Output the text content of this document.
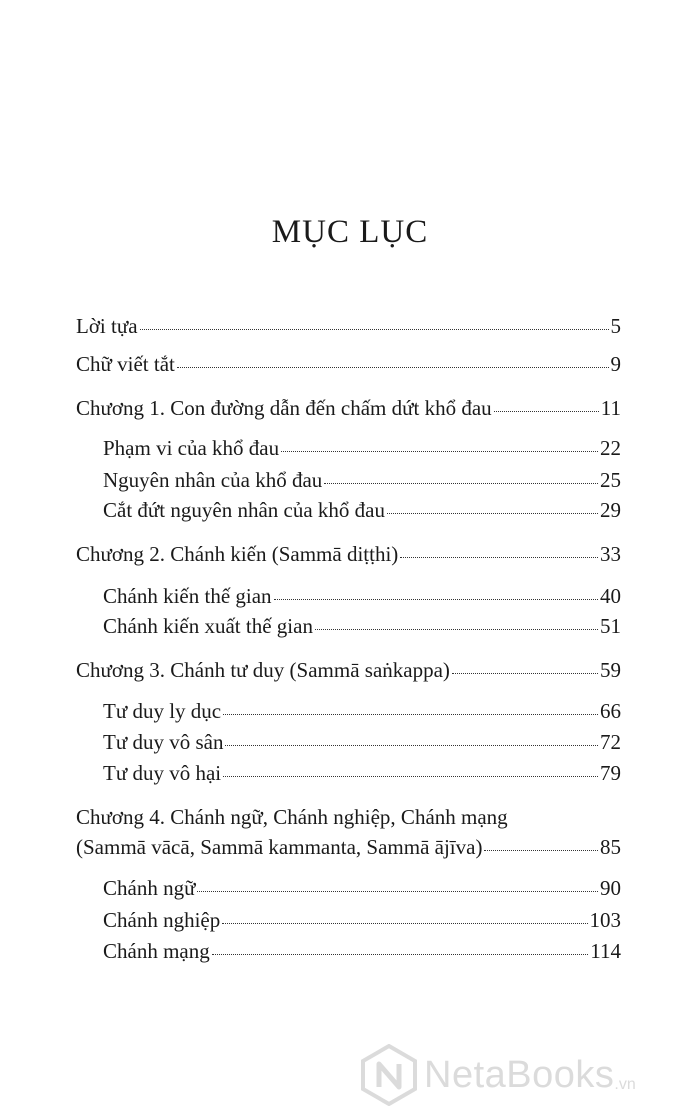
MỤC LỤC
Lời tựa	5
Chữ viết tắt	9
Chương 1. Con đường dẫn đến chấm dứt khổ đau	11
Phạm vi của khổ đau	22
Nguyên nhân của khổ đau	25
Cắt đứt nguyên nhân của khổ đau	29
Chương 2. Chánh kiến (Sammā diṭṭhi)	33
Chánh kiến thế gian	40
Chánh kiến xuất thế gian	51
Chương 3. Chánh tư duy (Sammā saṅkappa)	59
Tư duy ly dục	66
Tư duy vô sân	72
Tư duy vô hại	79
Chương 4. Chánh ngữ, Chánh nghiệp, Chánh mạng
(Sammā vācā, Sammā kammanta, Sammā ājīva)	85
Chánh ngữ	90
Chánh nghiệp	103
Chánh mạng	114
NetaBooks .vn
